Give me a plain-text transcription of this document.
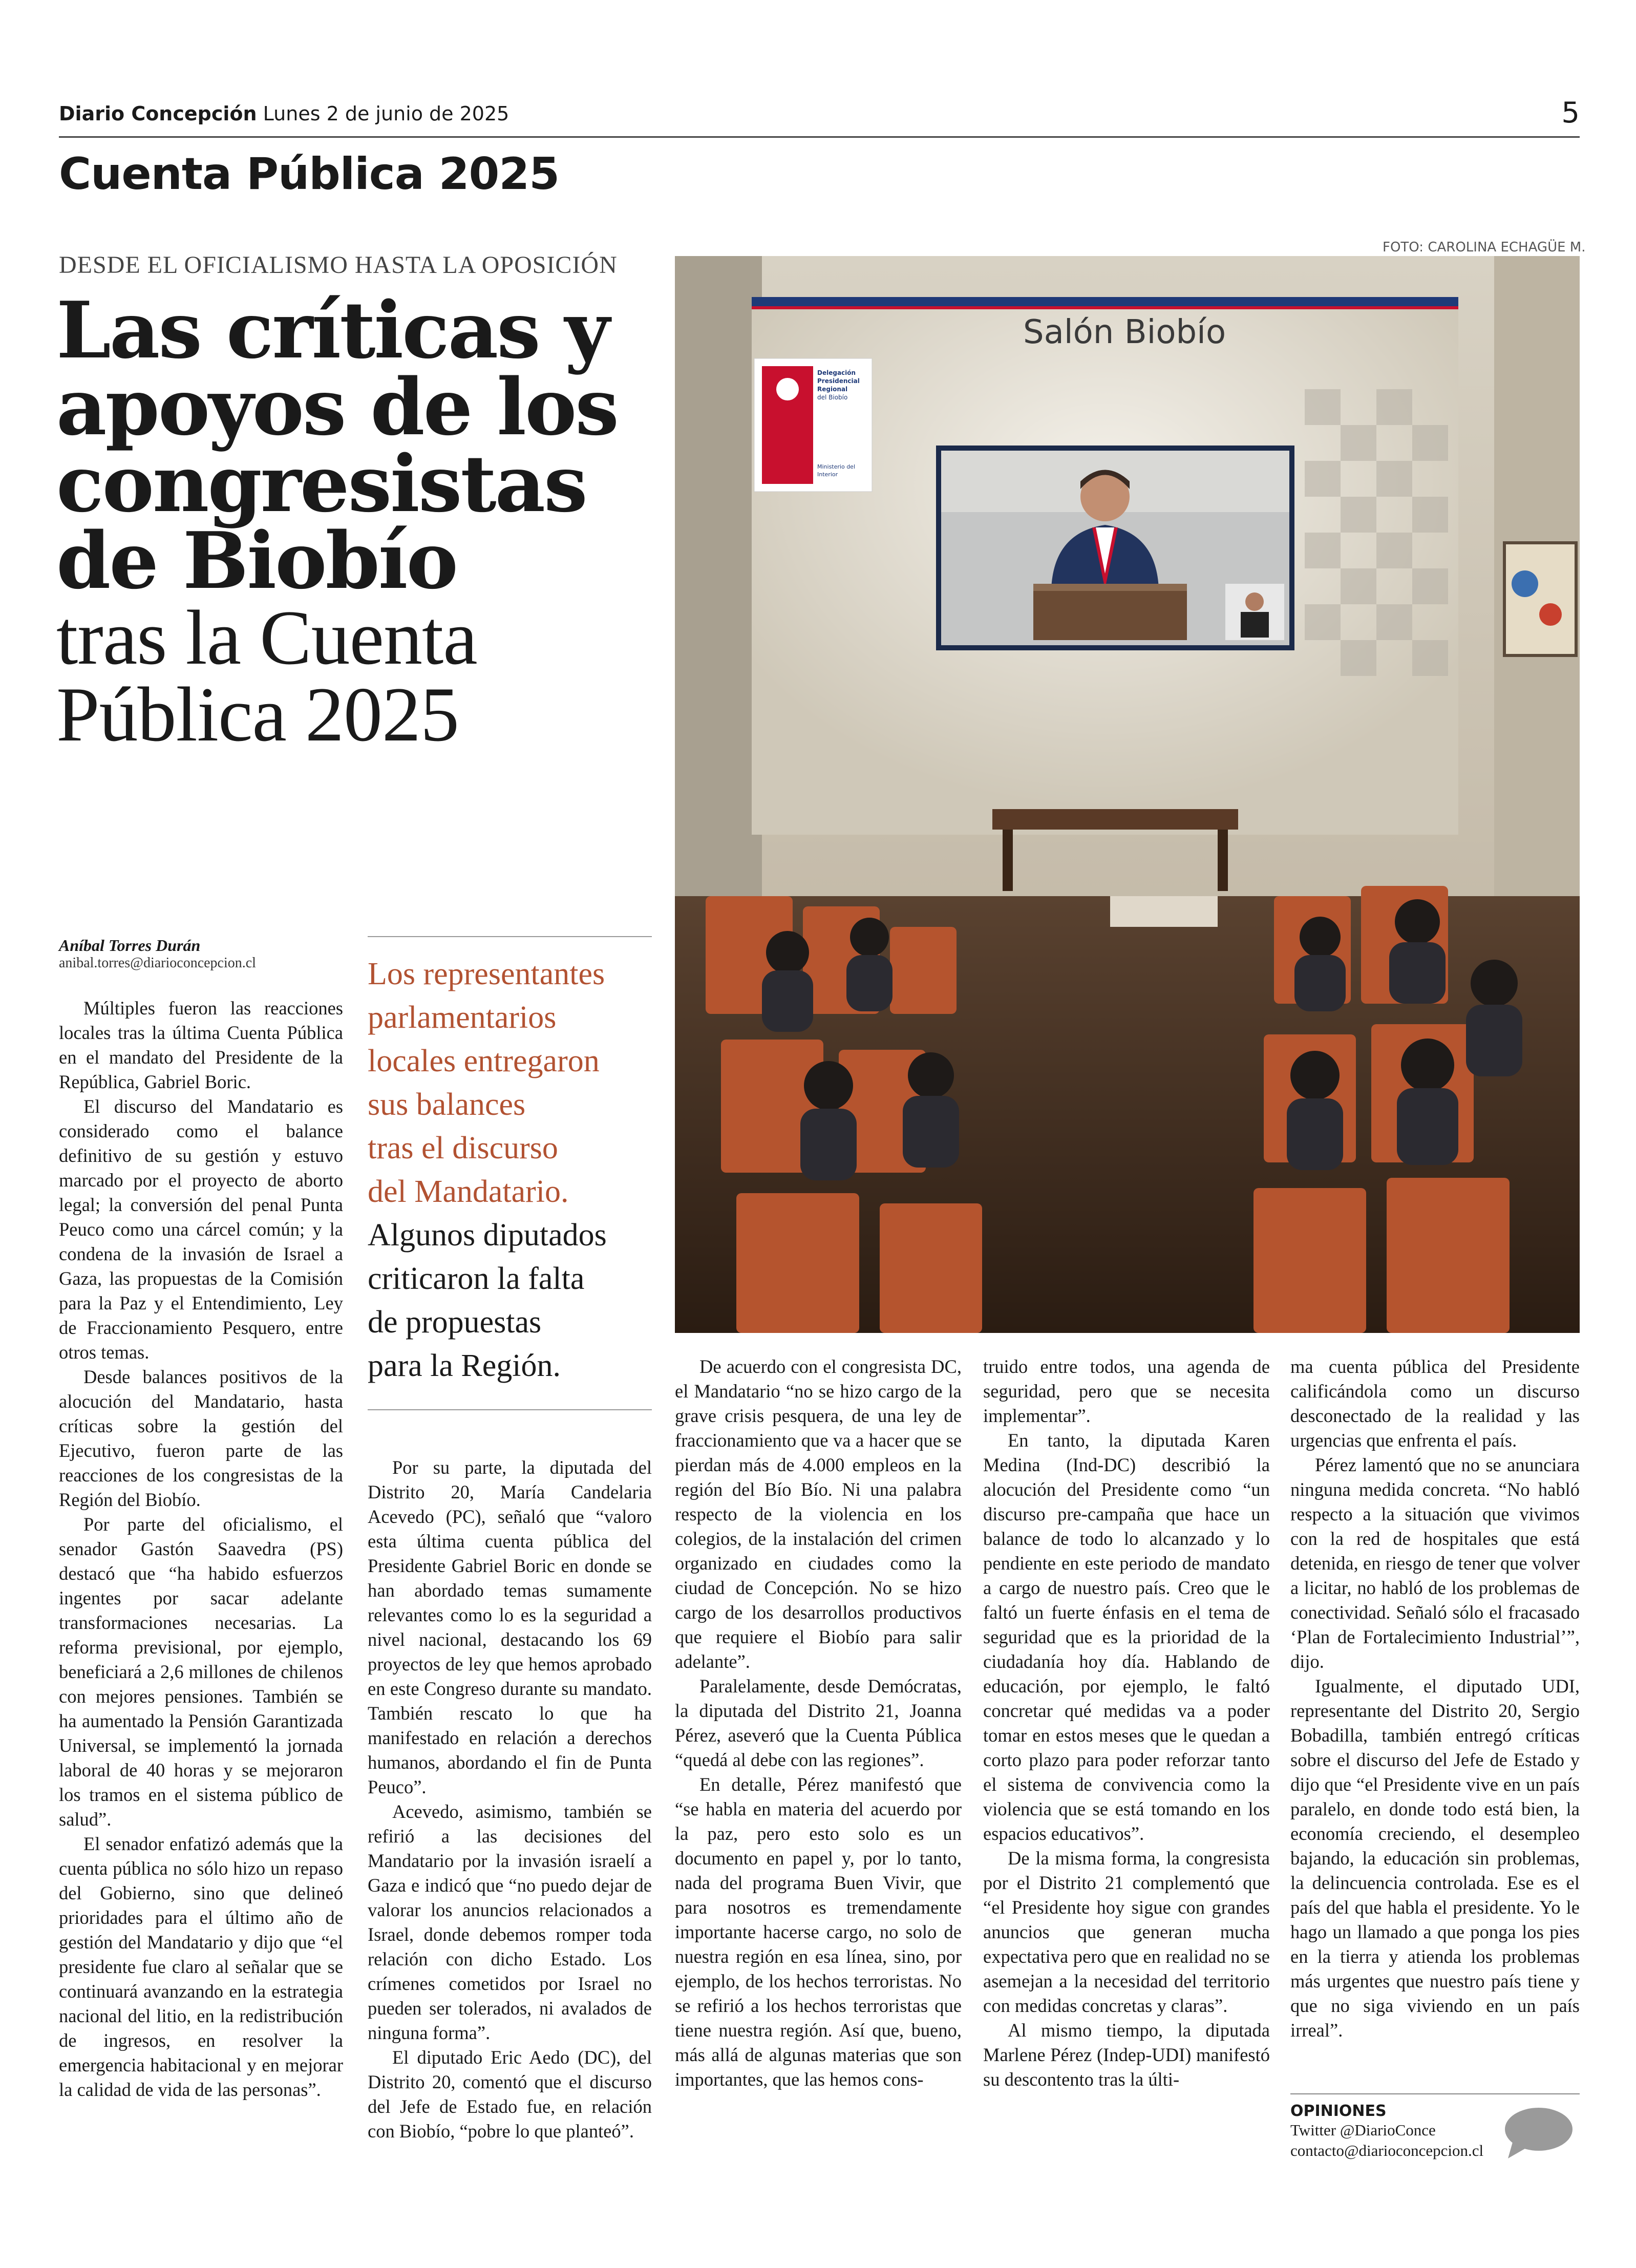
Diario Concepción Lunes 2 de junio de 2025	5
Cuenta Pública 2025
DESDE EL OFICIALISMO HASTA LA OPOSICIÓN
Las críticas y
apoyos de los
congresistas
de Biobío
tras la Cuenta
Pública 2025
FOTO: CAROLINA ECHAGÜE M.
Salón Biobío
Delegación
Presidencial
Regional
del Biobío
Ministerio del
Interior
Aníbal Torres Durán
anibal.torres@diarioconcepcion.cl	Los representantes
parlamentarios
locales entregaron
sus balances
tras el discurso
del Mandatario.
Algunos diputados
criticaron la falta
de propuestas
para la Región.

Múltiples fueron las reacciones locales tras la última Cuenta Pública en el mandato del Presidente de la República, Gabriel Boric.

El discurso del Mandatario es considerado como el balance definitivo de su gestión y estuvo marcado por el proyecto de aborto legal; la conversión del penal Punta Peuco como una cárcel común; y la condena de la invasión de Israel a Gaza, las propuestas de la Comisión para la Paz y el Entendimiento, Ley de Fraccionamiento Pesquero, entre otros temas.

Desde balances positivos de la alocución del Mandatario, hasta críticas sobre la gestión del Ejecutivo, fueron parte de las reacciones de los congresistas de la Región del Biobío.

Por parte del oficialismo, el senador Gastón Saavedra (PS) destacó que “ha habido esfuerzos ingentes por sacar adelante transformaciones necesarias. La reforma previsional, por ejemplo, beneficiará a 2,6 millones de chilenos con mejores pensiones. También se ha aumentado la Pensión Garantizada Universal, se implementó la jornada laboral de 40 horas y se mejoraron los tramos en el sistema público de salud”.

El senador enfatizó además que la cuenta pública no sólo hizo un repaso del Gobierno, sino que delineó prioridades para el último año de gestión del Mandatario y dijo que “el presidente fue claro al señalar que se continuará avanzando en la estrategia nacional del litio, en la redistribución de ingresos, en resolver la emergencia habitacional y en mejorar la calidad de vida de las personas”.

Por su parte, la diputada del Distrito 20, María Candelaria Acevedo (PC), señaló que “valoro esta última cuenta pública del Presidente Gabriel Boric en donde se han abordado temas sumamente relevantes como lo es la seguridad a nivel nacional, destacando los 69 proyectos de ley que hemos aprobado en este Congreso durante su mandato. También rescato lo que ha manifestado en relación a derechos humanos, abordando el fin de Punta Peuco”.

Acevedo, asimismo, también se refirió a las decisiones del Mandatario por la invasión israelí a Gaza e indicó que “no puedo dejar de valorar los anuncios relacionados a Israel, donde debemos romper toda relación con dicho Estado. Los crímenes cometidos por Israel no pueden ser tolerados, ni avalados de ninguna forma”.

El diputado Eric Aedo (DC), del Distrito 20, comentó que el discurso del Jefe de Estado fue, en relación con Biobío, “pobre lo que planteó”.

De acuerdo con el congresista DC, el Mandatario “no se hizo cargo de la grave crisis pesquera, de una ley de fraccionamiento que va a hacer que se pierdan más de 4.000 empleos en la región del Bío Bío. Ni una palabra respecto de la violencia en los colegios, de la instalación del crimen organizado en ciudades como la ciudad de Concepción. No se hizo cargo de los desarrollos productivos que requiere el Biobío para salir adelante”.

Paralelamente, desde Demócratas, la diputada del Distrito 21, Joanna Pérez, aseveró que la Cuenta Pública “quedá al debe con las regiones”.

En detalle, Pérez manifestó que “se habla en materia del acuerdo por la paz, pero esto solo es un documento en papel y, por lo tanto, nada del programa Buen Vivir, que para nosotros es tremendamente importante hacerse cargo, no solo de nuestra región en esa línea, sino, por ejemplo, de los hechos terroristas. No se refirió a los hechos terroristas que tiene nuestra región. Así que, bueno, más allá de algunas materias que son importantes, que las hemos cons-

truido entre todos, una agenda de seguridad, pero que se necesita implementar”.

En tanto, la diputada Karen Medina (Ind-DC) describió la alocución del Presidente como “un discurso pre-campaña que hace un balance de todo lo alcanzado y lo pendiente en este periodo de mandato a cargo de nuestro país. Creo que le faltó un fuerte énfasis en el tema de seguridad que es la prioridad de la ciudadanía hoy día. Hablando de educación, por ejemplo, le faltó concretar qué medidas va a poder tomar en estos meses que le quedan a corto plazo para poder reforzar tanto el sistema de convivencia como la violencia que se está tomando en los espacios educativos”.

De la misma forma, la congresista por el Distrito 21 complementó que “el Presidente hoy sigue con grandes anuncios que generan mucha expectativa pero que en realidad no se asemejan a la necesidad del territorio con medidas concretas y claras”.

Al mismo tiempo, la diputada Marlene Pérez (Indep-UDI) manifestó su descontento tras la últi-

ma cuenta pública del Presidente calificándola como un discurso desconectado de la realidad y las urgencias que enfrenta el país.

Pérez lamentó que no se anunciara ninguna medida concreta. “No habló respecto a la situación que vivimos con la red de hospitales que está detenida, en riesgo de tener que volver a licitar, no habló de los problemas de conectividad. Señaló sólo el fracasado ‘Plan de Fortalecimiento Industrial’”, dijo.

Igualmente, el diputado UDI, representante del Distrito 20, Sergio Bobadilla, también entregó críticas sobre el discurso del Jefe de Estado y dijo que “el Presidente vive en un país paralelo, en donde todo está bien, la economía creciendo, el desempleo bajando, la educación sin problemas, la delincuencia controlada. Ese es el país del que habla el presidente. Yo le hago un llamado a que ponga los pies en la tierra y atienda los problemas más urgentes que nuestro país tiene y que no siga viviendo en un país irreal”.

OPINIONES
Twitter @DiarioConce
contacto@diarioconcepcion.cl
